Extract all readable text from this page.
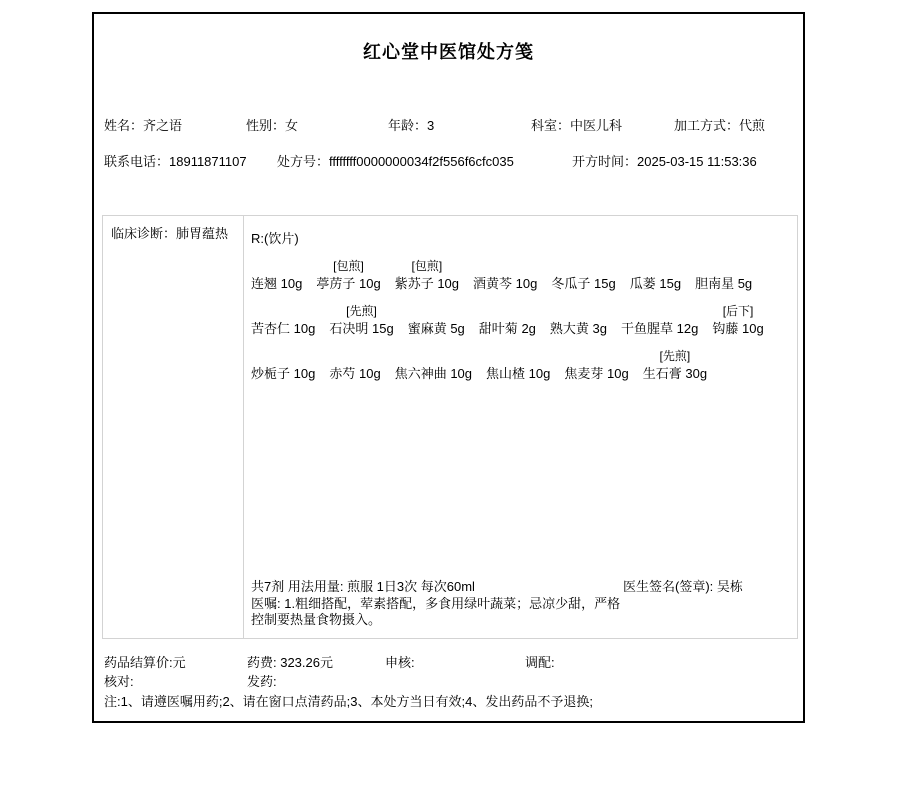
红心堂中医馆处方笺
姓名：齐之语	性别：女	年龄：3	科室：中医儿科	加工方式：代煎
联系电话：18911871107 处方号：ffffffff0000000034f2f556f6cfc035	开方时间：2025-03-15 11:53:36
临床诊断：肺胃蕴热	R:(饮片)
连翘 10g
[包煎]
葶苈子 10g
[包煎]
紫苏子 10g 酒黄芩 10g 冬瓜子 15g 瓜蒌 15g 胆南星 5g
苦杏仁 10g
[先煎]
石决明 15g 蜜麻黄 5g 甜叶菊 2g 熟大黄 3g 干鱼腥草 12g
[后下]
钩藤 10g
炒栀子 10g 赤芍 10g 焦六神曲 10g 焦山楂 10g 焦麦芽 10g
[先煎]
生石膏 30g
共7剂 用法用量: 煎服 1日3次 每次60ml	医生签名(签章): 吴栋
医嘱: 1.粗细搭配，荤素搭配，多食用绿叶蔬菜；忌凉少甜，严格
控制要热量食物摄入。
药品结算价:元	药费: 323.26元	申核:	调配:
核对:	发药:
注:1、请遵医嘱用药;2、请在窗口点清药品;3、本处方当日有效;4、发出药品不予退换;
